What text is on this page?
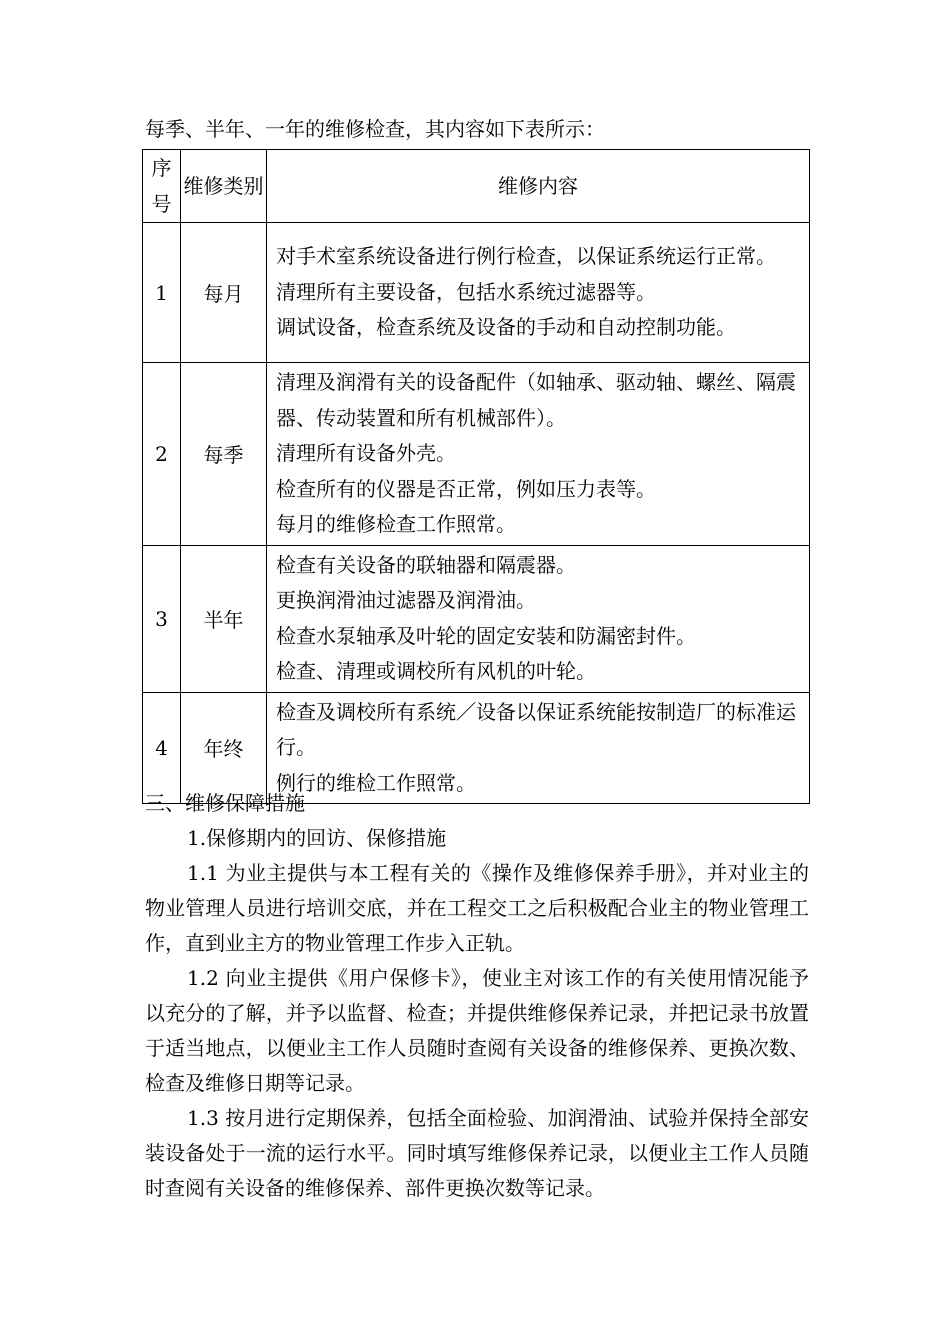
每季、半年、一年的维修检查，其内容如下表所示：
序号	维修类别	维修内容
1	每月	对手术室系统设备进行例行检查，以保证系统运行正常。

清理所有主要设备，包括水系统过滤器等。

调试设备，检查系统及设备的手动和自动控制功能。

2	每季	清理及润滑有关的设备配件（如轴承、驱动轴、螺丝、隔震器、传动装置和所有机械部件）。

清理所有设备外壳。

检查所有的仪器是否正常，例如压力表等。

每月的维修检查工作照常。

3	半年	检查有关设备的联轴器和隔震器。

更换润滑油过滤器及润滑油。

检查水泵轴承及叶轮的固定安装和防漏密封件。

检查、清理或调校所有风机的叶轮。

4	年终	检查及调校所有系统／设备以保证系统能按制造厂的标准运行。

例行的维检工作照常。

三、维修保障措施

1.保修期内的回访、保修措施

1.1 为业主提供与本工程有关的《操作及维修保养手册》，并对业主的物业管理人员进行培训交底，并在工程交工之后积极配合业主的物业管理工作，直到业主方的物业管理工作步入正轨。

1.2 向业主提供《用户保修卡》，使业主对该工作的有关使用情况能予以充分的了解，并予以监督、检查；并提供维修保养记录，并把记录书放置于适当地点，以便业主工作人员随时查阅有关设备的维修保养、更换次数、检查及维修日期等记录。

1.3 按月进行定期保养，包括全面检验、加润滑油、试验并保持全部安装设备处于一流的运行水平。同时填写维修保养记录，以便业主工作人员随时查阅有关设备的维修保养、部件更换次数等记录。
